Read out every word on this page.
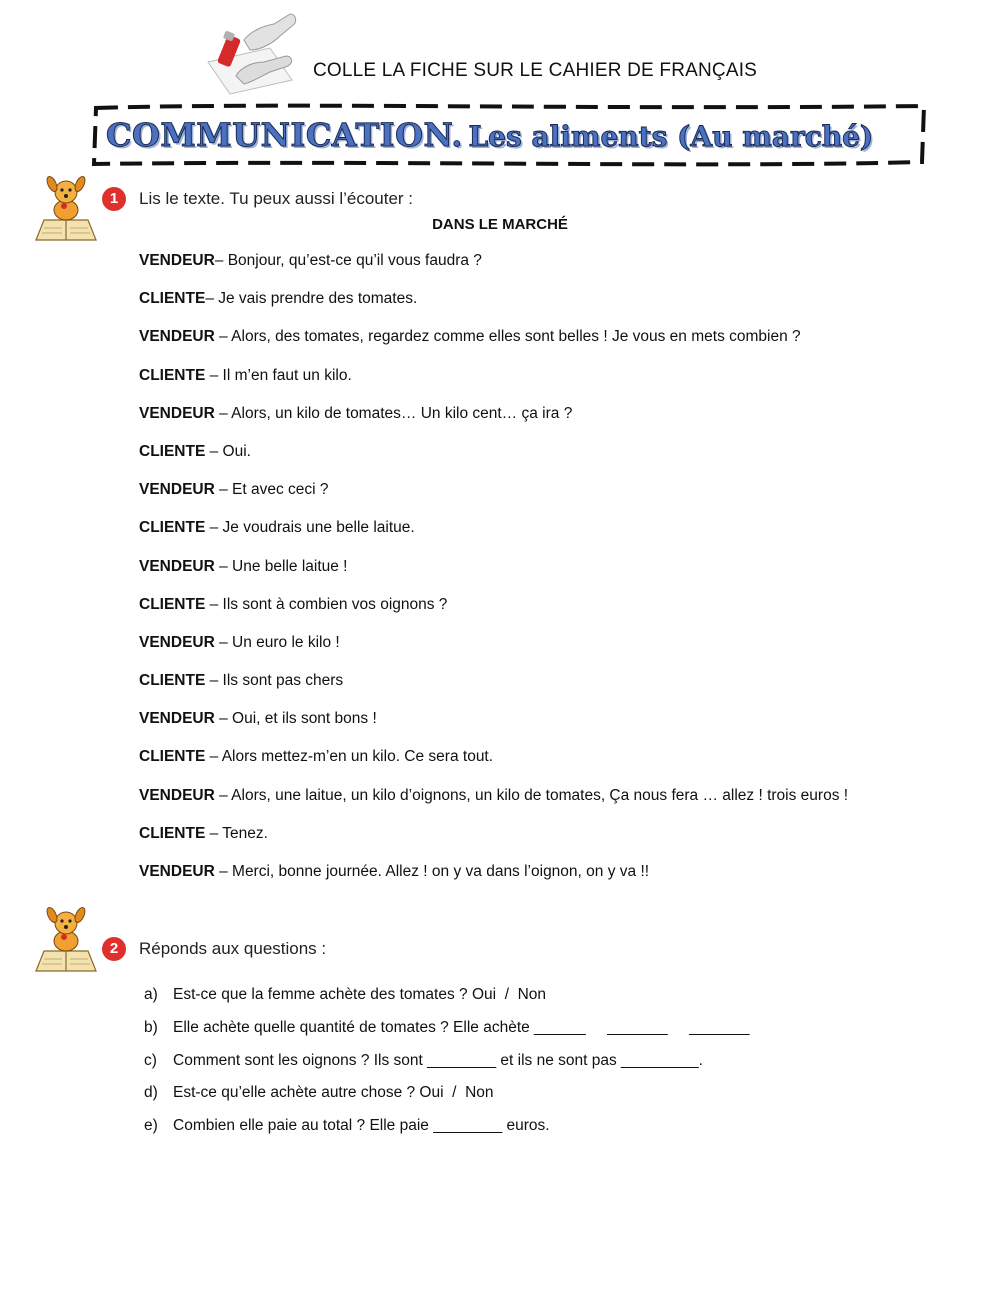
COLLE LA FICHE SUR LE CAHIER DE FRANÇAIS
COMMUNICATION. Les aliments (Au marché)
1	Lis le texte. Tu peux aussi l’écouter :
DANS LE MARCHÉ
VENDEUR– Bonjour, qu’est-ce qu’il vous faudra ?
CLIENTE– Je vais prendre des tomates.
VENDEUR – Alors, des tomates, regardez comme elles sont belles ! Je vous en mets combien ?
CLIENTE – Il m’en faut un kilo.
VENDEUR – Alors, un kilo de tomates… Un kilo cent… ça ira ?
CLIENTE – Oui.
VENDEUR – Et avec ceci ?
CLIENTE – Je voudrais une belle laitue.
VENDEUR – Une belle laitue !
CLIENTE – Ils sont à combien vos oignons ?
VENDEUR – Un euro le kilo !
CLIENTE – Ils sont pas chers
VENDEUR – Oui, et ils sont bons !
CLIENTE – Alors mettez-m’en un kilo. Ce sera tout.
VENDEUR – Alors, une laitue, un kilo d’oignons, un kilo de tomates, Ça nous fera … allez ! trois euros !
CLIENTE – Tenez.
VENDEUR – Merci, bonne journée. Allez ! on y va dans l’oignon, on y va !!
2	Réponds aux questions :
a) Est-ce que la femme achète des tomates ? Oui  /  Non
b) Elle achète quelle quantité de tomates ? Elle achète ______     _______     _______
c) Comment sont les oignons ? Ils sont ________ et ils ne sont pas _________.
d) Est-ce qu’elle achète autre chose ? Oui  /  Non
e) Combien elle paie au total ? Elle paie ________ euros.
